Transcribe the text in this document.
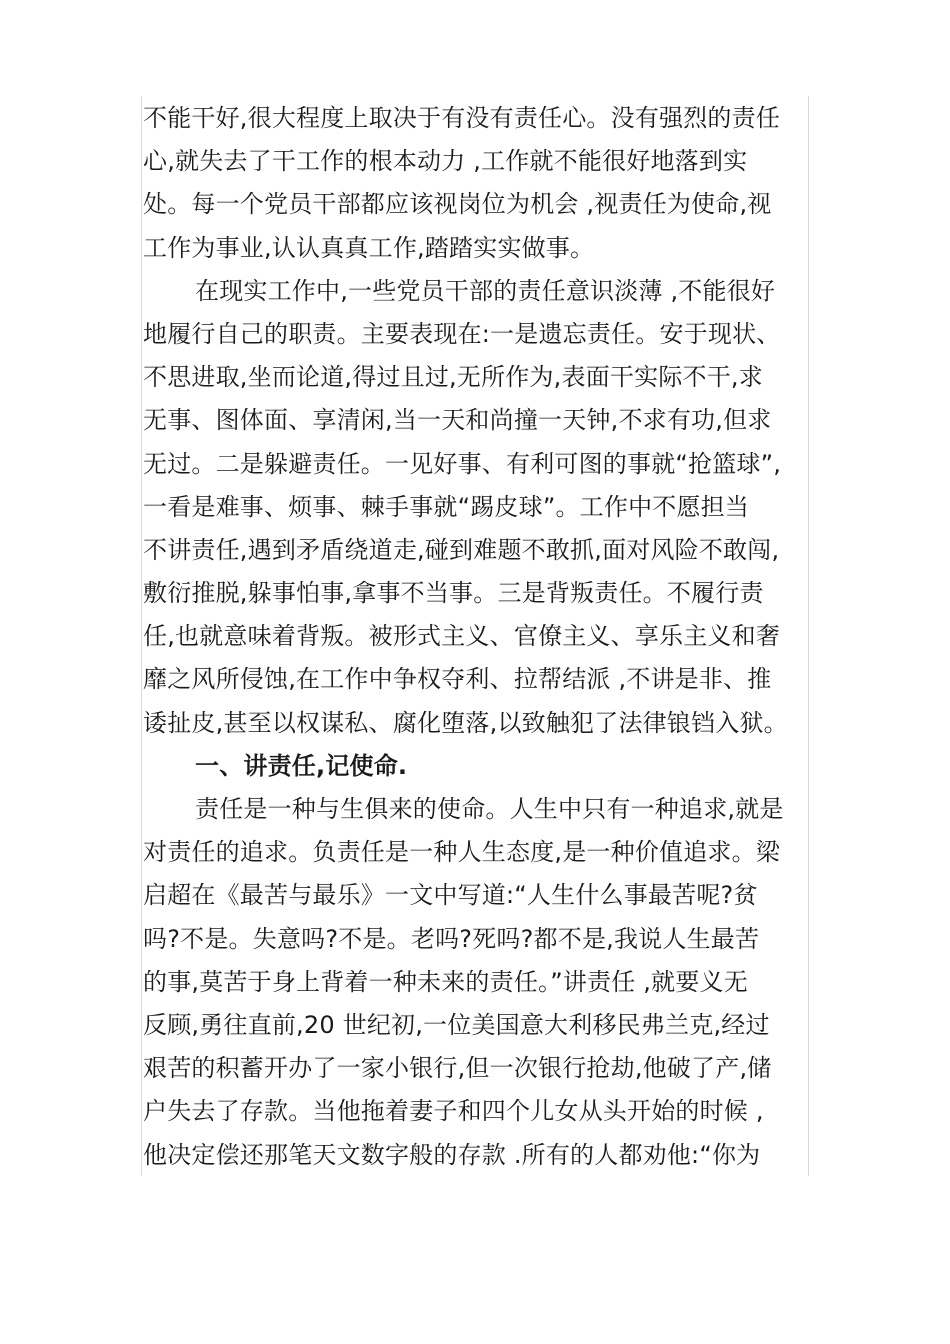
不能干好,很大程度上取决于有没有责任心。没有强烈的责任
心,就失去了干工作的根本动力 ,工作就不能很好地落到实
处。每一个党员干部都应该视岗位为机会 ,视责任为使命,视
工作为事业,认认真真工作,踏踏实实做事。
在现实工作中,一些党员干部的责任意识淡薄 ,不能很好
地履行自己的职责。主要表现在:一是遗忘责任。安于现状、
不思进取,坐而论道,得过且过,无所作为,表面干实际不干,求
无事、图体面、享清闲,当一天和尚撞一天钟,不求有功,但求
无过。二是躲避责任。一见好事、有利可图的事就“抢篮球”,
一看是难事、烦事、棘手事就“踢皮球”。工作中不愿担当
不讲责任,遇到矛盾绕道走,碰到难题不敢抓,面对风险不敢闯,
敷衍推脱,躲事怕事,拿事不当事。三是背叛责任。不履行责
任,也就意味着背叛。被形式主义、官僚主义、享乐主义和奢
靡之风所侵蚀,在工作中争权夺利、拉帮结派 ,不讲是非、推
诿扯皮,甚至以权谋私、腐化堕落,以致触犯了法律锒铛入狱。
一、讲责任,记使命.
责任是一种与生俱来的使命。人生中只有一种追求,就是
对责任的追求。负责任是一种人生态度,是一种价值追求。梁
启超在《最苦与最乐》一文中写道:“人生什么事最苦呢?贫
吗?不是。失意吗?不是。老吗?死吗?都不是,我说人生最苦
的事,莫苦于身上背着一种未来的责任。”讲责任 ,就要义无
反顾,勇往直前,20 世纪初,一位美国意大利移民弗兰克,经过
艰苦的积蓄开办了一家小银行,但一次银行抢劫,他破了产,储
户失去了存款。当他拖着妻子和四个儿女从头开始的时候 ,
他决定偿还那笔天文数字般的存款 .所有的人都劝他:“你为
